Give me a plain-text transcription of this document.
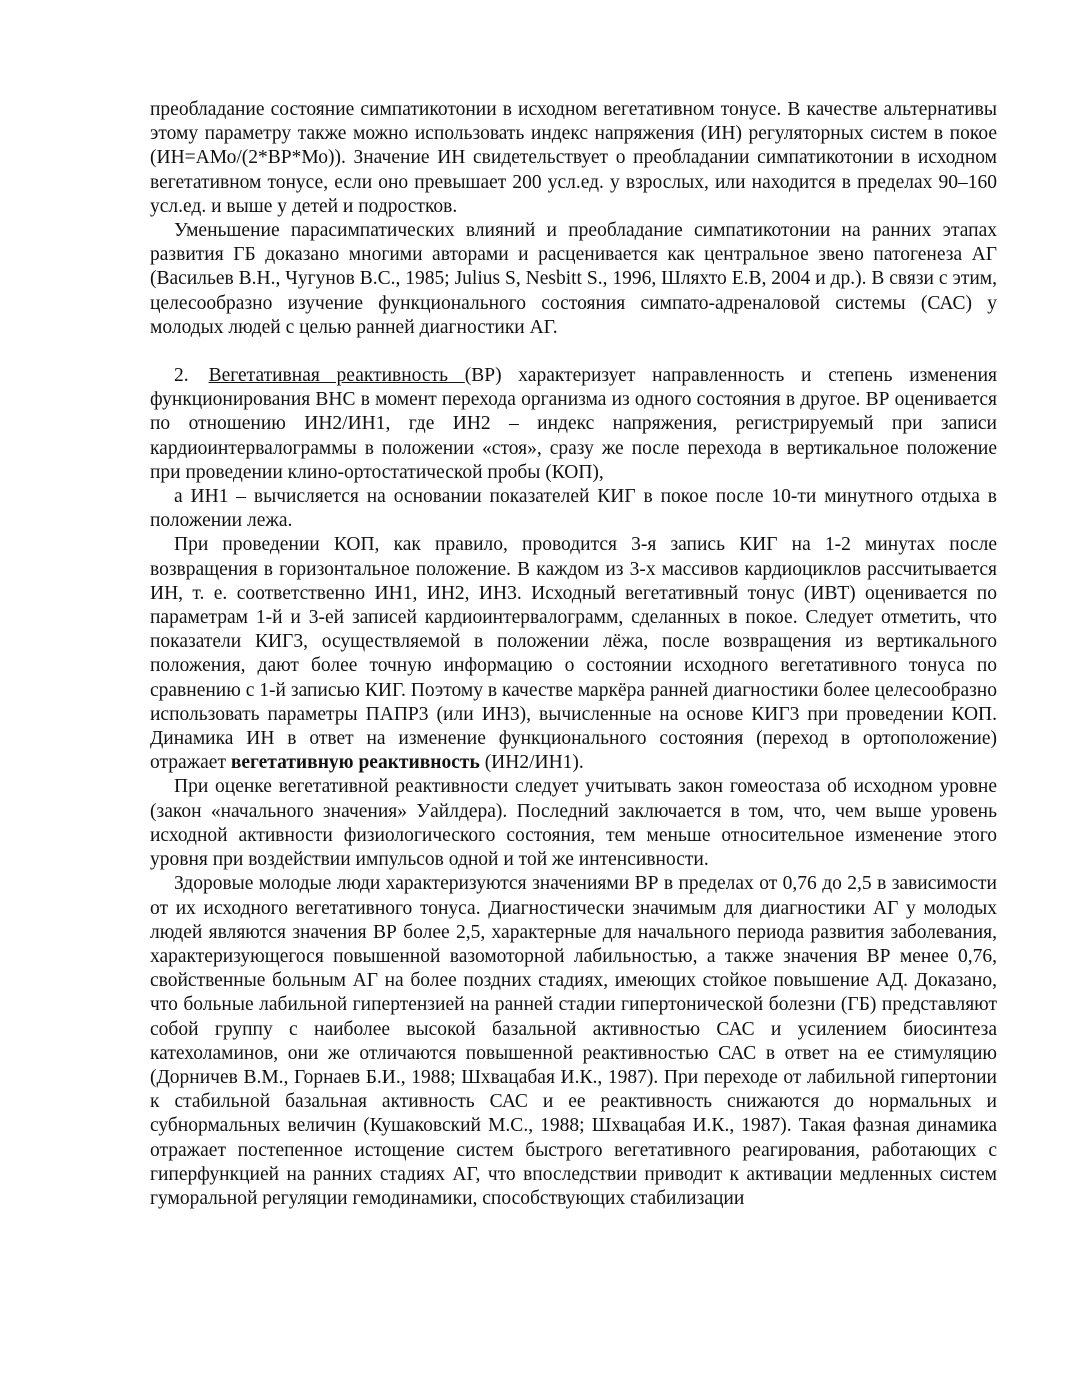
преобладание состояние симпатикотонии в исходном вегетативном тонусе. В качестве альтернативы этому параметру также можно использовать индекс напряжения (ИН) регуляторных систем в покое (ИН=АМо/(2*ВР*Мо)). Значение ИН свидетельствует о преобладании симпатикотонии в исходном вегетативном тонусе, если оно превышает 200 усл.ед. у взрослых, или находится в пределах 90–160 усл.ед. и выше у детей и подростков.

Уменьшение парасимпатических влияний и преобладание симпатикотонии на ранних этапах развития ГБ доказано многими авторами и расценивается как центральное звено патогенеза АГ (Васильев В.Н., Чугунов В.С., 1985; Julius S, Nesbitt S., 1996, Шляхто Е.В, 2004 и др.). В связи с этим, целесообразно изучение функционального состояния симпато-адреналовой системы (САС) у молодых людей с целью ранней диагностики АГ.

2. Вегетативная реактивность (ВР) характеризует направленность и степень изменения функционирования ВНС в момент перехода организма из одного состояния в другое. ВР оценивается по отношению ИН2/ИН1, где ИН2 – индекс напряжения, регистрируемый при записи кардиоинтервалограммы в положении «стоя», сразу же после перехода в вертикальное положение при проведении клино-ортостатической пробы (КОП),

а ИН1 – вычисляется на основании показателей КИГ в покое после 10-ти минутного отдыха в положении лежа.

При проведении КОП, как правило, проводится 3-я запись КИГ на 1-2 минутах после возвращения в горизонтальное положение. В каждом из 3-х массивов кардиоциклов рассчитывается ИН, т. е. соответственно ИН1, ИН2, ИН3. Исходный вегетативный тонус (ИВТ) оценивается по параметрам 1-й и 3-ей записей кардиоинтервалограмм, сделанных в покое. Следует отметить, что показатели КИГ3, осуществляемой в положении лёжа, после возвращения из вертикального положения, дают более точную информацию о состоянии исходного вегетативного тонуса по сравнению с 1-й записью КИГ. Поэтому в качестве маркёра ранней диагностики более целесообразно использовать параметры ПАПР3 (или ИН3), вычисленные на основе КИГ3 при проведении КОП. Динамика ИН в ответ на изменение функционального состояния (переход в ортоположение) отражает вегетативную реактивность (ИН2/ИН1).

При оценке вегетативной реактивности следует учитывать закон гомеостаза об исходном уровне (закон «начального значения» Уайлдера). Последний заключается в том, что, чем выше уровень исходной активности физиологического состояния, тем меньше относительное изменение этого уровня при воздействии импульсов одной и той же интенсивности.

Здоровые молодые люди характеризуются значениями ВР в пределах от 0,76 до 2,5 в зависимости от их исходного вегетативного тонуса. Диагностически значимым для диагностики АГ у молодых людей являются значения ВР более 2,5, характерные для начального периода развития заболевания, характеризующегося повышенной вазомоторной лабильностью, а также значения ВР менее 0,76, свойственные больным АГ на более поздних стадиях, имеющих стойкое повышение АД. Доказано, что больные лабильной гипертензией на ранней стадии гипертонической болезни (ГБ) представляют собой группу с наиболее высокой базальной активностью САС и усилением биосинтеза катехоламинов, они же отличаются повышенной реактивностью САС в ответ на ее стимуляцию (Дорничев В.М., Горнаев Б.И., 1988; Шхвацабая И.К., 1987). При переходе от лабильной гипертонии к стабильной базальная активность САС и ее реактивность снижаются до нормальных и субнормальных величин (Кушаковский М.С., 1988; Шхвацабая И.К., 1987). Такая фазная динамика отражает постепенное истощение систем быстрого вегетативного реагирования, работающих с гиперфункцией на ранних стадиях АГ, что впоследствии приводит к активации медленных систем гуморальной регуляции гемодинамики, способствующих стабилизации
